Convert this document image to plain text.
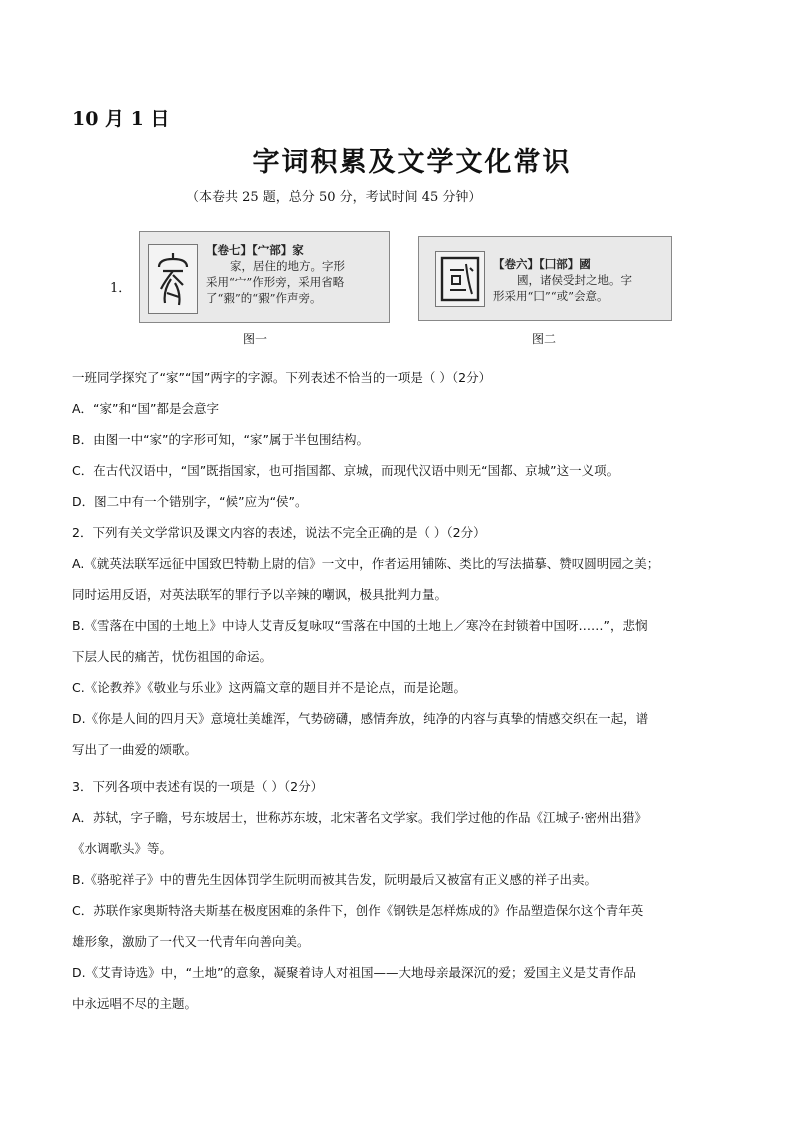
10 月 1 日
字词积累及文学文化常识
（本卷共 25 题，总分 50 分，考试时间 45 分钟）
1．
【卷七】【宀部】家
家，居住的地方。字形
采用“宀”作形旁，采用省略
了“豭”的“豭”作声旁。
【卷六】【囗部】國
國，诸侯受封之地。字
形采用“囗”“或”会意。
图一	图二
一班同学探究了“家”“国”两字的字源。下列表述不恰当的一项是（ ）（2分）
A．“家”和“国”都是会意字
B．由图一中“家”的字形可知，“家”属于半包围结构。
C．在古代汉语中，“国”既指国家，也可指国都、京城，而现代汉语中则无“国都、京城”这一义项。
D．图二中有一个错别字，“候”应为“侯”。
2．下列有关文学常识及课文内容的表述，说法不完全正确的是（ ）（2分）
A.《就英法联军远征中国致巴特勒上尉的信》一文中，作者运用铺陈、类比的写法描摹、赞叹圆明园之美；
同时运用反语，对英法联军的罪行予以辛辣的嘲讽，极具批判力量。
B.《雪落在中国的土地上》中诗人艾青反复咏叹“雪落在中国的土地上／寒冷在封锁着中国呀……”，悲悯
下层人民的痛苦，忧伤祖国的命运。
C.《论教养》《敬业与乐业》这两篇文章的题目并不是论点，而是论题。
D.《你是人间的四月天》意境壮美雄浑，气势磅礴，感情奔放，纯净的内容与真挚的情感交织在一起，谱
写出了一曲爱的颂歌。
3．下列各项中表述有误的一项是（ ）（2分）
A．苏轼，字子瞻，号东坡居士，世称苏东坡，北宋著名文学家。我们学过他的作品《江城子·密州出猎》
《水调歌头》等。
B.《骆驼祥子》中的曹先生因体罚学生阮明而被其告发，阮明最后又被富有正义感的祥子出卖。
C．苏联作家奥斯特洛夫斯基在极度困难的条件下，创作《钢铁是怎样炼成的》作品塑造保尔这个青年英
雄形象，激励了一代又一代青年向善向美。
D.《艾青诗选》中，“土地”的意象，凝聚着诗人对祖国——大地母亲最深沉的爱；爱国主义是艾青作品
中永远唱不尽的主题。
